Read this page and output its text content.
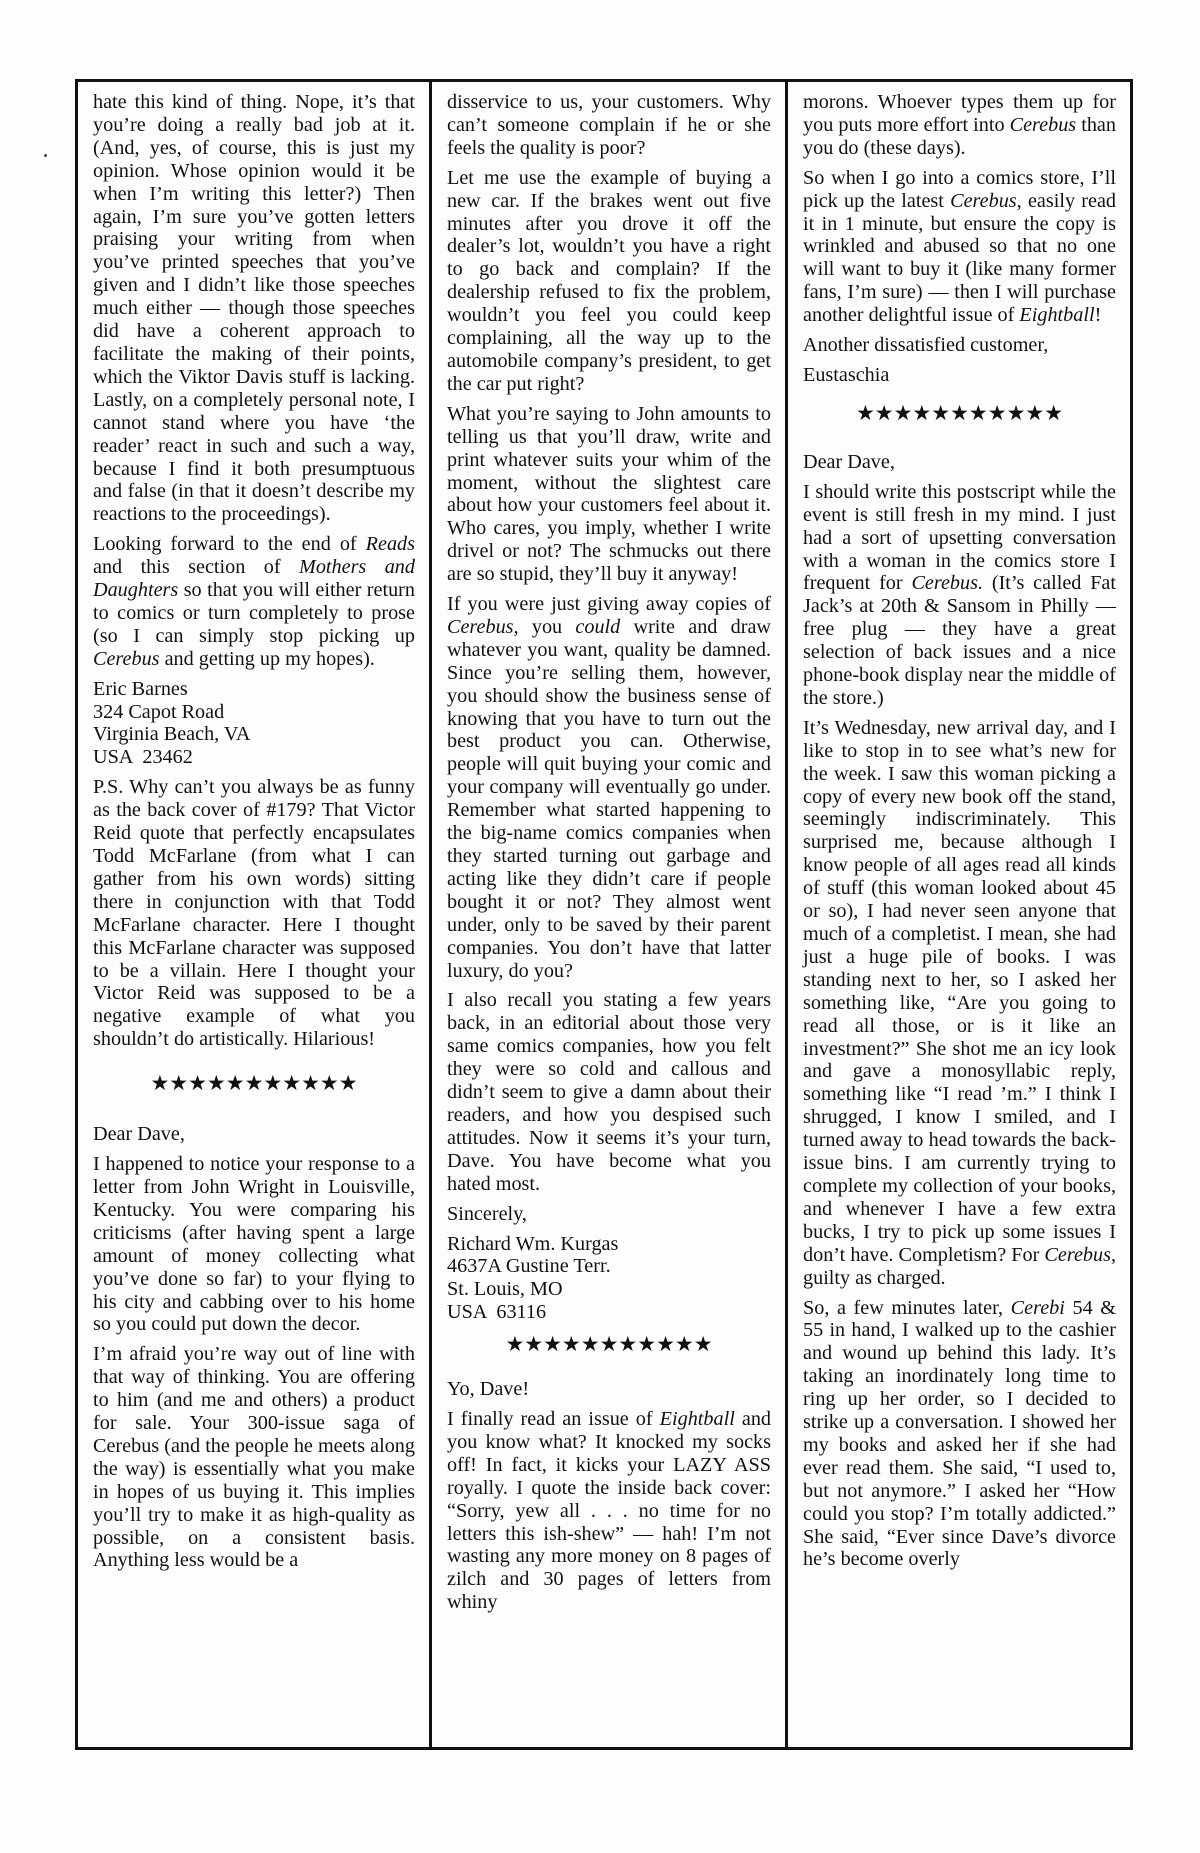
hate this kind of thing. Nope, it’s that you’re doing a really bad job at it. (And, yes, of course, this is just my opinion. Whose opinion would it be when I’m writing this letter?) Then again, I’m sure you’ve gotten letters praising your writing from when you’ve printed speeches that you’ve given and I didn’t like those speeches much either — though those speeches did have a coherent approach to facilitate the making of their points, which the Viktor Davis stuff is lacking. Lastly, on a completely personal note, I cannot stand where you have ‘the reader’ react in such and such a way, because I find it both presumptuous and false (in that it doesn’t describe my reactions to the proceedings).

Looking forward to the end of Reads and this section of Mothers and Daughters so that you will either return to comics or turn completely to prose (so I can simply stop picking up Cerebus and getting up my hopes).

Eric Barnes
324 Capot Road
Virginia Beach, VA
USA  23462

P.S. Why can’t you always be as funny as the back cover of #179? That Victor Reid quote that perfectly encapsulates Todd McFarlane (from what I can gather from his own words) sitting there in conjunction with that Todd McFarlane character. Here I thought this McFarlane character was supposed to be a villain. Here I thought your Victor Reid was supposed to be a negative example of what you shouldn’t do artistically. Hilarious!

★★★★★★★★★★★

Dear Dave,

I happened to notice your response to a letter from John Wright in Louisville, Kentucky. You were comparing his criticisms (after having spent a large amount of money collecting what you’ve done so far) to your flying to his city and cabbing over to his home so you could put down the decor.

I’m afraid you’re way out of line with that way of thinking. You are offering to him (and me and others) a product for sale. Your 300-issue saga of Cerebus (and the people he meets along the way) is essentially what you make in hopes of us buying it. This implies you’ll try to make it as high-quality as possible, on a consistent basis. Anything less would be a

disservice to us, your customers. Why can’t someone complain if he or she feels the quality is poor?

Let me use the example of buying a new car. If the brakes went out five minutes after you drove it off the dealer’s lot, wouldn’t you have a right to go back and complain? If the dealership refused to fix the problem, wouldn’t you feel you could keep complaining, all the way up to the automobile company’s president, to get the car put right?

What you’re saying to John amounts to telling us that you’ll draw, write and print whatever suits your whim of the moment, without the slightest care about how your customers feel about it. Who cares, you imply, whether I write drivel or not? The schmucks out there are so stupid, they’ll buy it anyway!

If you were just giving away copies of Cerebus, you could write and draw whatever you want, quality be damned. Since you’re selling them, however, you should show the business sense of knowing that you have to turn out the best product you can. Otherwise, people will quit buying your comic and your company will eventually go under. Remember what started happening to the big-name comics companies when they started turning out garbage and acting like they didn’t care if people bought it or not? They almost went under, only to be saved by their parent companies. You don’t have that latter luxury, do you?

I also recall you stating a few years back, in an editorial about those very same comics companies, how you felt they were so cold and callous and didn’t seem to give a damn about their readers, and how you despised such attitudes. Now it seems it’s your turn, Dave. You have become what you hated most.

Sincerely,

Richard Wm. Kurgas
4637A Gustine Terr.
St. Louis, MO
USA  63116

★★★★★★★★★★★

Yo, Dave!

I finally read an issue of Eightball and you know what? It knocked my socks off! In fact, it kicks your LAZY ASS royally. I quote the inside back cover: “Sorry, yew all . . . no time for no letters this ish-shew” — hah! I’m not wasting any more money on 8 pages of zilch and 30 pages of letters from whiny

morons. Whoever types them up for you puts more effort into Cerebus than you do (these days).

So when I go into a comics store, I’ll pick up the latest Cerebus, easily read it in 1 minute, but ensure the copy is wrinkled and abused so that no one will want to buy it (like many former fans, I’m sure) — then I will purchase another delightful issue of Eightball!

Another dissatisfied customer,

Eustaschia

★★★★★★★★★★★

Dear Dave,

I should write this postscript while the event is still fresh in my mind. I just had a sort of upsetting conversation with a woman in the comics store I frequent for Cerebus. (It’s called Fat Jack’s at 20th & Sansom in Philly — free plug — they have a great selection of back issues and a nice phone-book display near the middle of the store.)

It’s Wednesday, new arrival day, and I like to stop in to see what’s new for the week. I saw this woman picking a copy of every new book off the stand, seemingly indiscriminately. This surprised me, because although I know people of all ages read all kinds of stuff (this woman looked about 45 or so), I had never seen anyone that much of a completist. I mean, she had just a huge pile of books. I was standing next to her, so I asked her something like, “Are you going to read all those, or is it like an investment?” She shot me an icy look and gave a monosyllabic reply, something like “I read ’m.” I think I shrugged, I know I smiled, and I turned away to head towards the back-issue bins. I am currently trying to complete my collection of your books, and whenever I have a few extra bucks, I try to pick up some issues I don’t have. Completism? For Cerebus, guilty as charged.

So, a few minutes later, Cerebi 54 & 55 in hand, I walked up to the cashier and wound up behind this lady. It’s taking an inordinately long time to ring up her order, so I decided to strike up a conversation. I showed her my books and asked her if she had ever read them. She said, “I used to, but not anymore.” I asked her “How could you stop? I’m totally addicted.” She said, “Ever since Dave’s divorce he’s become overly
